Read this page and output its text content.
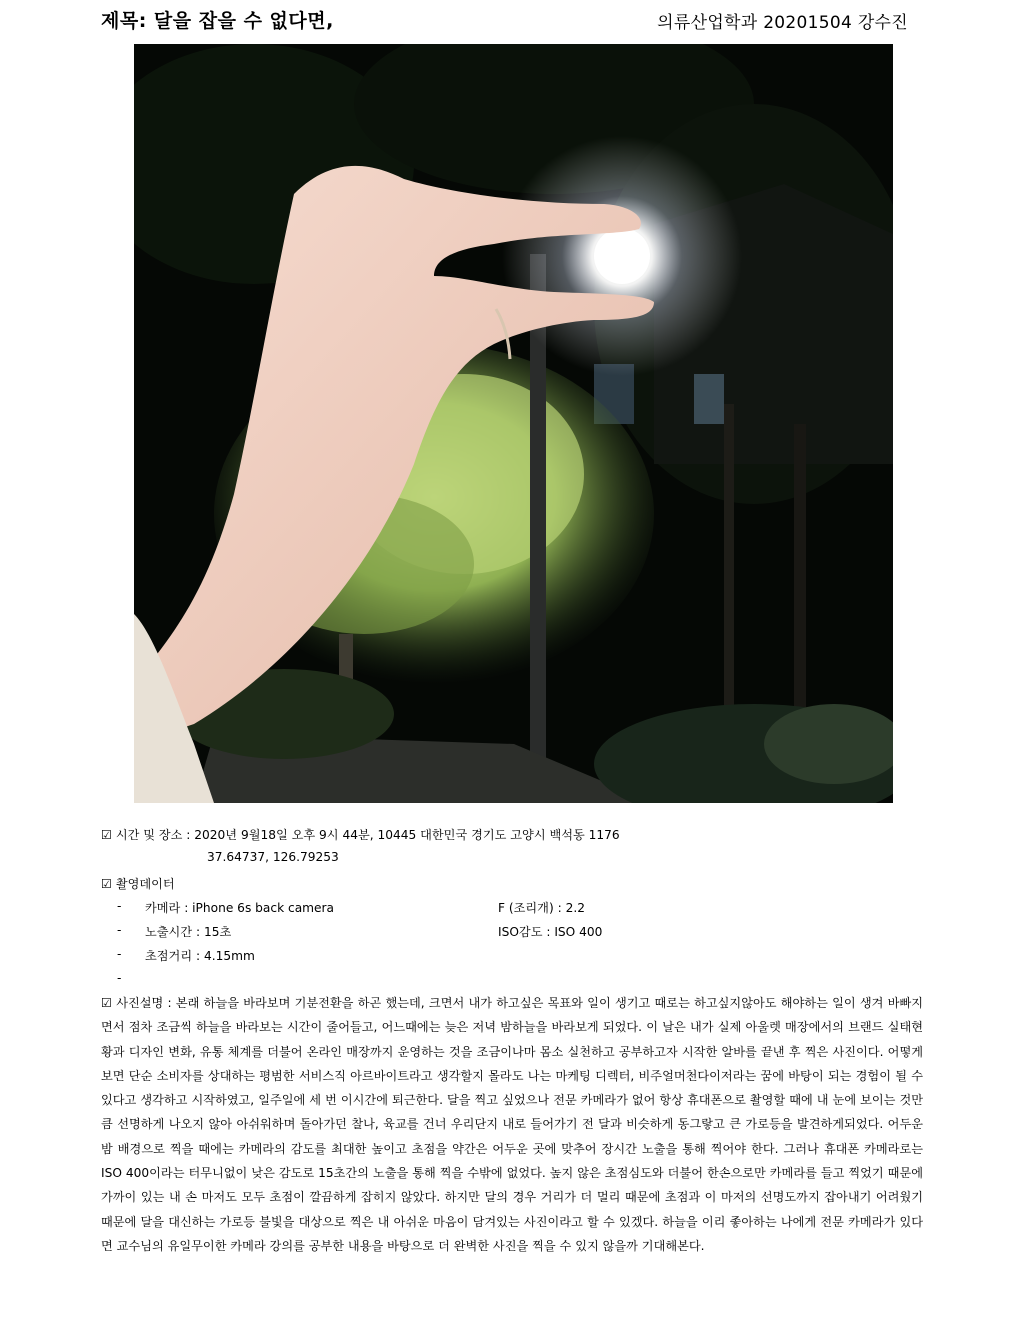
제목: 달을 잡을 수 없다면,	의류산업학과 20201504 강수진
☑ 시간 및 장소 : 2020년 9월18일 오후 9시 44분, 10445 대한민국 경기도 고양시 백석동 1176
37.64737, 126.79253
☑ 촬영데이터
- 카메라 : iPhone 6s back camera	F (조리개) : 2.2
- 노출시간 : 15초	ISO감도 : ISO 400
- 초점거리 : 4.15mm
-
☑ 사진설명 : 본래 하늘을 바라보며 기분전환을 하곤 했는데, 크면서 내가 하고싶은 목표와 일이 생기고 때로는 하고싶지않아도 해야하는 일이 생겨 바빠지면서 점차 조금씩 하늘을 바라보는 시간이 줄어들고, 어느때에는 늦은 저녁 밤하늘을 바라보게 되었다. 이 날은 내가 실제 아울렛 매장에서의 브랜드 실태현황과 디자인 변화, 유통 체계를 더불어 온라인 매장까지 운영하는 것을 조금이나마 몸소 실천하고 공부하고자 시작한 알바를 끝낸 후 찍은 사진이다. 어떻게 보면 단순 소비자를 상대하는 평범한 서비스직 아르바이트라고 생각할지 몰라도 나는 마케팅 디렉터, 비주얼머천다이저라는 꿈에 바탕이 되는 경험이 될 수 있다고 생각하고 시작하였고, 일주일에 세 번 이시간에 퇴근한다. 달을 찍고 싶었으나 전문 카메라가 없어 항상 휴대폰으로 촬영할 때에 내 눈에 보이는 것만큼 선명하게 나오지 않아 아쉬워하며 돌아가던 찰나, 육교를 건너 우리단지 내로 들어가기 전 달과 비슷하게 동그랗고 큰 가로등을 발견하게되었다. 어두운 밤 배경으로 찍을 때에는 카메라의 감도를 최대한 높이고 초점을 약간은 어두운 곳에 맞추어 장시간 노출을 통해 찍어야 한다. 그러나 휴대폰 카메라로는 ISO 400이라는 터무니없이 낮은 감도로 15초간의 노출을 통해 찍을 수밖에 없었다. 높지 않은 초점심도와 더불어 한손으로만 카메라를 들고 찍었기 때문에 가까이 있는 내 손 마저도 모두 초점이 깔끔하게 잡히지 않았다. 하지만 달의 경우 거리가 더 멀리 때문에 초점과 이 마저의 선명도까지 잡아내기 어려웠기 때문에 달을 대신하는 가로등 불빛을 대상으로 찍은 내 아쉬운 마음이 담겨있는 사진이라고 할 수 있겠다. 하늘을 이리 좋아하는 나에게 전문 카메라가 있다면 교수님의 유일무이한 카메라 강의를 공부한 내용을 바탕으로 더 완벽한 사진을 찍을 수 있지 않을까 기대해본다.
